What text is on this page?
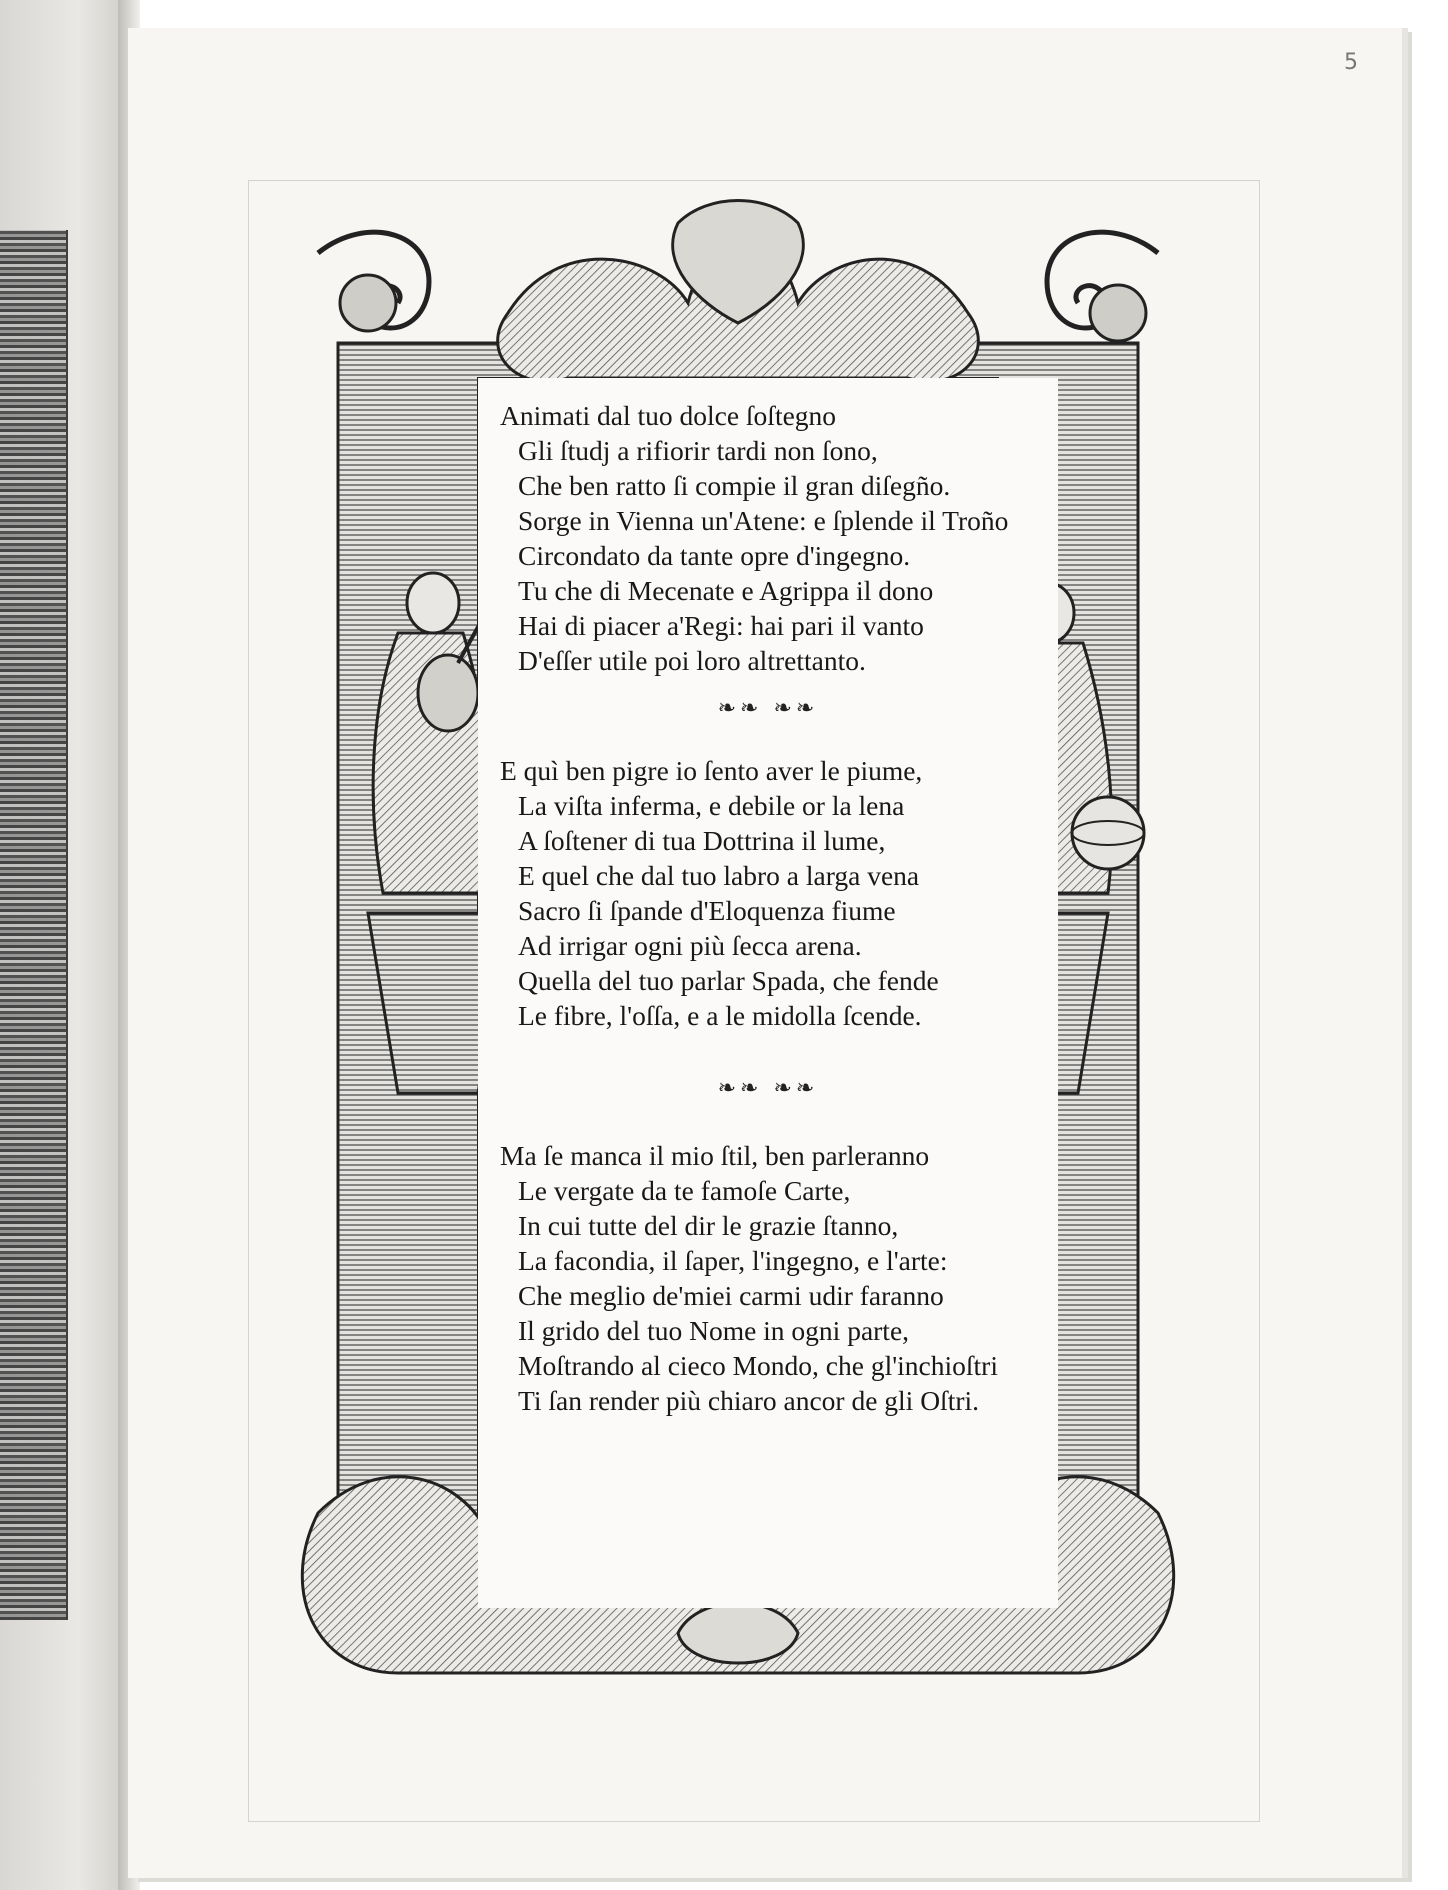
5
Animati dal tuo dolce ſoſtegno
Gli ſtudj a rifiorir tardi non ſono,
Che ben ratto ſi compie il gran diſegño.
Sorge in Vienna un'Atene: e ſplende il Troño
Circondato da tante opre d'ingegno.
Tu che di Mecenate e Agrippa il dono
Hai di piacer a'Regi: hai pari il vanto
D'eſſer utile poi loro altrettanto.
❧❧ ❧❧
E quì ben pigre io ſento aver le piume,
La viſta inferma, e debile or la lena
A ſoſtener di tua Dottrina il lume,
E quel che dal tuo labro a larga vena
Sacro ſi ſpande d'Eloquenza fiume
Ad irrigar ogni più ſecca arena.
Quella del tuo parlar Spada, che fende
Le fibre, l'oſſa, e a le midolla ſcende.
❧❧ ❧❧
Ma ſe manca il mio ſtil, ben parleranno
Le vergate da te famoſe Carte,
In cui tutte del dir le grazie ſtanno,
La facondia, il ſaper, l'ingegno, e l'arte:
Che meglio de'miei carmi udir faranno
Il grido del tuo Nome in ogni parte,
Moſtrando al cieco Mondo, che gl'inchioſtri
Ti ſan render più chiaro ancor de gli Oſtri.
